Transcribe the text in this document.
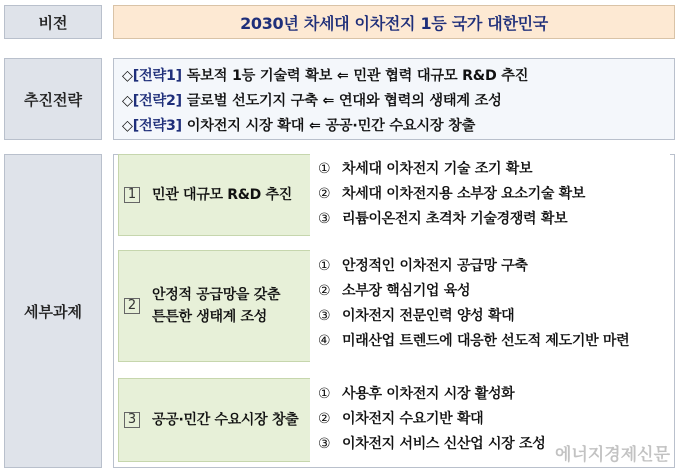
비전	2030년 차세대 이차전지 1등 국가 대한민국
추진전략
◇[전략1] 독보적 1등 기술력 확보 ⇐ 민관 협력 대규모 R&D 추진
◇[전략2] 글로벌 선도기지 구축 ⇐ 연대와 협력의 생태계 조성
◇[전략3] 이차전지 시장 확대 ⇐ 공공·민간 수요시장 창출
세부과제
1 민관 대규모 R&D 추진
① 차세대 이차전지 기술 조기 확보
② 차세대 이차전지용 소부장 요소기술 확보
③ 리튬이온전지 초격차 기술경쟁력 확보
2
안정적 공급망을 갖춘
튼튼한 생태계 조성
① 안정적인 이차전지 공급망 구축
② 소부장 핵심기업 육성
③ 이차전지 전문인력 양성 확대
④ 미래산업 트렌드에 대응한 선도적 제도기반 마련
3 공공·민간 수요시장 창출
① 사용후 이차전지 시장 활성화
② 이차전지 수요기반 확대
③ 이차전지 서비스 신산업 시장 조성
에너지경제신문
